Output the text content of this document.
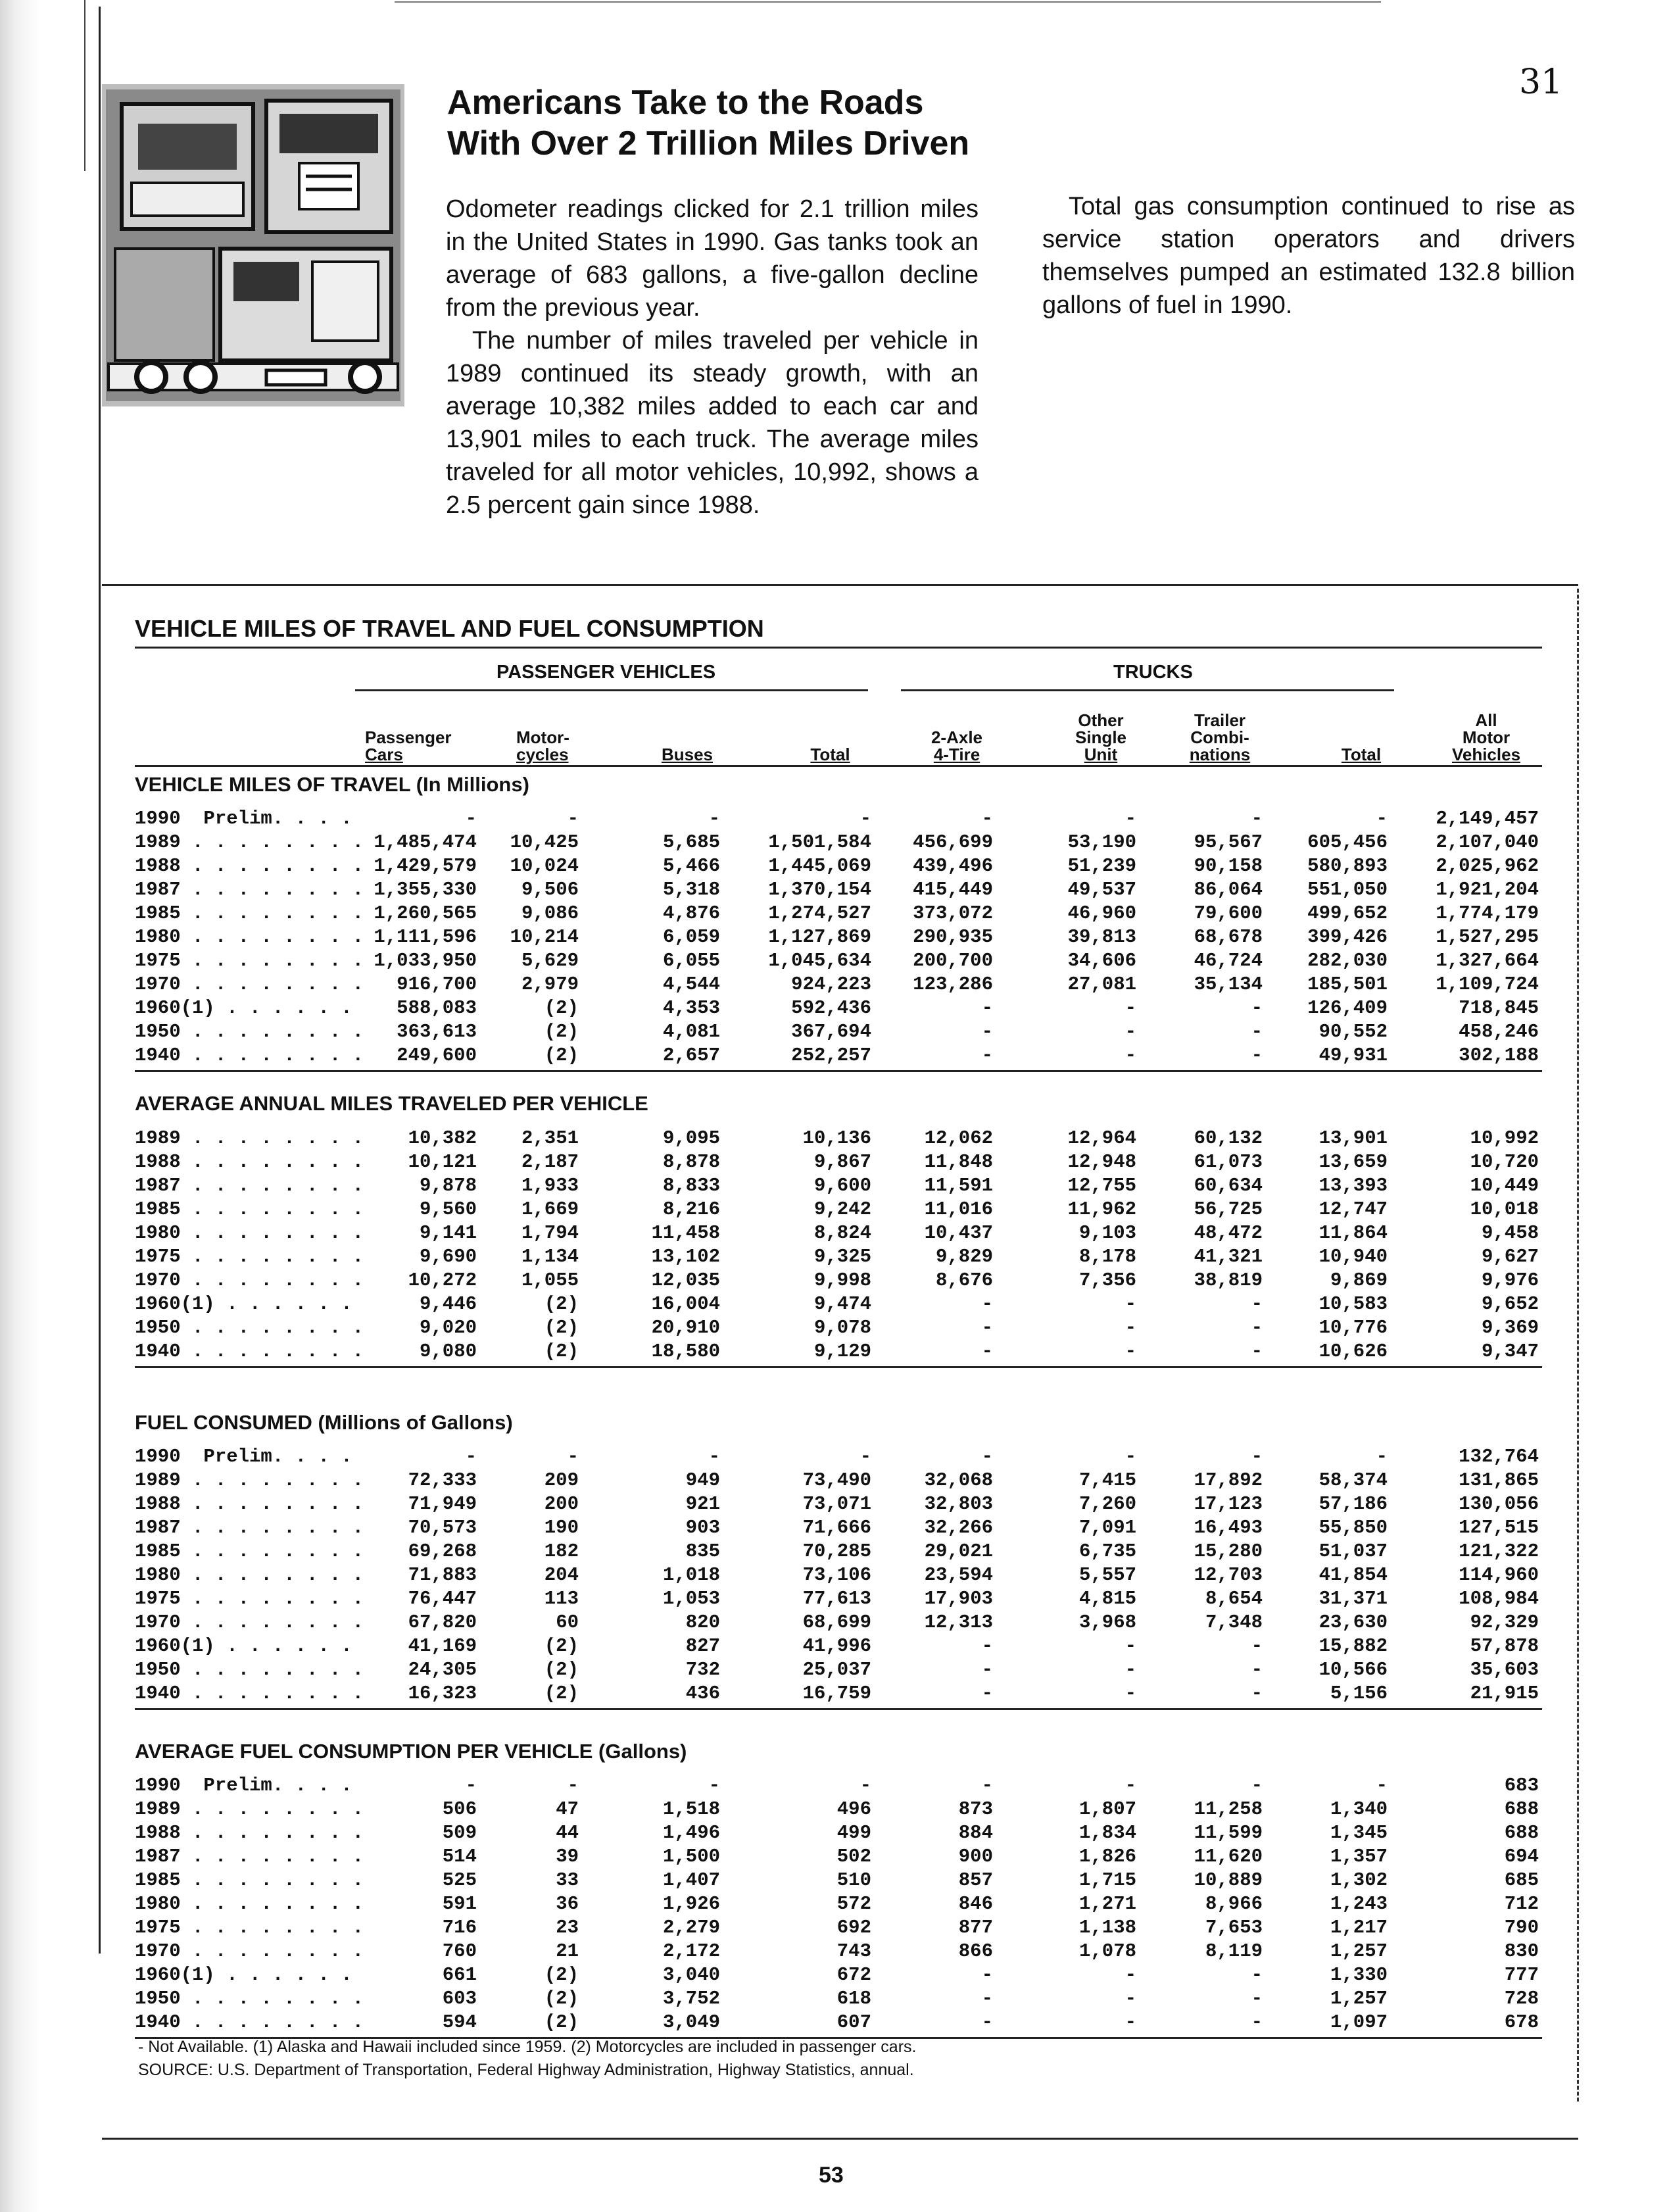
31
Americans Take to the Roads
With Over 2 Trillion Miles Driven

Odometer readings clicked for 2.1 trillion miles in the United States in 1990. Gas tanks took an average of 683 gallons, a five-gallon decline from the previous year.

The number of miles traveled per vehicle in 1989 continued its steady growth, with an average 10,382 miles added to each car and 13,901 miles to each truck. The average miles traveled for all motor vehicles, 10,992, shows a 2.5 percent gain since 1988.

Total gas consumption continued to rise as service station operators and drivers themselves pumped an estimated 132.8 billion gallons of fuel in 1990.

VEHICLE MILES OF TRAVEL AND FUEL CONSUMPTION
PASSENGER VEHICLES	TRUCKS
Passenger
Cars
Motor-
cycles	Buses	Total
2-Axle
4-Tire
Other
Single
Unit
Trailer
Combi-
nations	Total
All
Motor
Vehicles
VEHICLE MILES OF TRAVEL (In Millions)
1990  Prelim. . . .	-	-	-	-	-	-	-	-	2,149,457
1989 . . . . . . . . 1,485,474 10,425	5,685	1,501,584 456,699	53,190	95,567 605,456	2,107,040
1988 . . . . . . . . 1,429,579 10,024	5,466	1,445,069 439,496	51,239	90,158 580,893	2,025,962
1987 . . . . . . . . 1,355,330 9,506	5,318	1,370,154 415,449	49,537	86,064 551,050	1,921,204
1985 . . . . . . . . 1,260,565 9,086	4,876	1,274,527 373,072	46,960	79,600 499,652	1,774,179
1980 . . . . . . . . 1,111,596 10,214	6,059	1,127,869 290,935	39,813	68,678 399,426	1,527,295
1975 . . . . . . . . 1,033,950 5,629	6,055	1,045,634 200,700	34,606	46,724 282,030	1,327,664
1970 . . . . . . . . 916,700 2,979	4,544	924,223 123,286	27,081	35,134 185,501	1,109,724
1960(1) . . . . . . 588,083	(2)	4,353	592,436	-	-	- 126,409	718,845
1950 . . . . . . . . 363,613	(2)	4,081	367,694	-	-	-	90,552	458,246
1940 . . . . . . . . 249,600	(2)	2,657	252,257	-	-	-	49,931	302,188
AVERAGE ANNUAL MILES TRAVELED PER VEHICLE
1989 . . . . . . . . 10,382 2,351	9,095	10,136	12,062	12,964	60,132	13,901	10,992
1988 . . . . . . . . 10,121 2,187	8,878	9,867	11,848	12,948	61,073	13,659	10,720
1987 . . . . . . . .	9,878 1,933	8,833	9,600	11,591	12,755	60,634	13,393	10,449
1985 . . . . . . . .	9,560 1,669	8,216	9,242	11,016	11,962	56,725	12,747	10,018
1980 . . . . . . . .	9,141 1,794	11,458	8,824	10,437	9,103	48,472	11,864	9,458
1975 . . . . . . . .	9,690 1,134	13,102	9,325	9,829	8,178	41,321	10,940	9,627
1970 . . . . . . . . 10,272 1,055	12,035	9,998	8,676	7,356	38,819	9,869	9,976
1960(1) . . . . . .	9,446	(2)	16,004	9,474	-	-	-	10,583	9,652
1950 . . . . . . . .	9,020	(2)	20,910	9,078	-	-	-	10,776	9,369
1940 . . . . . . . .	9,080	(2)	18,580	9,129	-	-	-	10,626	9,347
FUEL CONSUMED (Millions of Gallons)
1990  Prelim. . . .	-	-	-	-	-	-	-	-	132,764
1989 . . . . . . . . 72,333	209	949	73,490	32,068	7,415	17,892	58,374	131,865
1988 . . . . . . . . 71,949	200	921	73,071	32,803	7,260	17,123	57,186	130,056
1987 . . . . . . . . 70,573	190	903	71,666	32,266	7,091	16,493	55,850	127,515
1985 . . . . . . . . 69,268	182	835	70,285	29,021	6,735	15,280	51,037	121,322
1980 . . . . . . . . 71,883	204	1,018	73,106	23,594	5,557	12,703	41,854	114,960
1975 . . . . . . . . 76,447	113	1,053	77,613	17,903	4,815	8,654	31,371	108,984
1970 . . . . . . . . 67,820	60	820	68,699	12,313	3,968	7,348	23,630	92,329
1960(1) . . . . . .	41,169	(2)	827	41,996	-	-	-	15,882	57,878
1950 . . . . . . . . 24,305	(2)	732	25,037	-	-	-	10,566	35,603
1940 . . . . . . . . 16,323	(2)	436	16,759	-	-	-	5,156	21,915
AVERAGE FUEL CONSUMPTION PER VEHICLE (Gallons)
1990  Prelim. . . .	-	-	-	-	-	-	-	-	683
1989 . . . . . . . .	506	47	1,518	496	873	1,807	11,258	1,340	688
1988 . . . . . . . .	509	44	1,496	499	884	1,834	11,599	1,345	688
1987 . . . . . . . .	514	39	1,500	502	900	1,826	11,620	1,357	694
1985 . . . . . . . .	525	33	1,407	510	857	1,715	10,889	1,302	685
1980 . . . . . . . .	591	36	1,926	572	846	1,271	8,966	1,243	712
1975 . . . . . . . .	716	23	2,279	692	877	1,138	7,653	1,217	790
1970 . . . . . . . .	760	21	2,172	743	866	1,078	8,119	1,257	830
1960(1) . . . . . .	661	(2)	3,040	672	-	-	-	1,330	777
1950 . . . . . . . .	603	(2)	3,752	618	-	-	-	1,257	728
1940 . . . . . . . .	594	(2)	3,049	607	-	-	-	1,097	678
- Not Available. (1) Alaska and Hawaii included since 1959. (2) Motorcycles are included in passenger cars.
SOURCE: U.S. Department of Transportation, Federal Highway Administration, Highway Statistics, annual.
53
